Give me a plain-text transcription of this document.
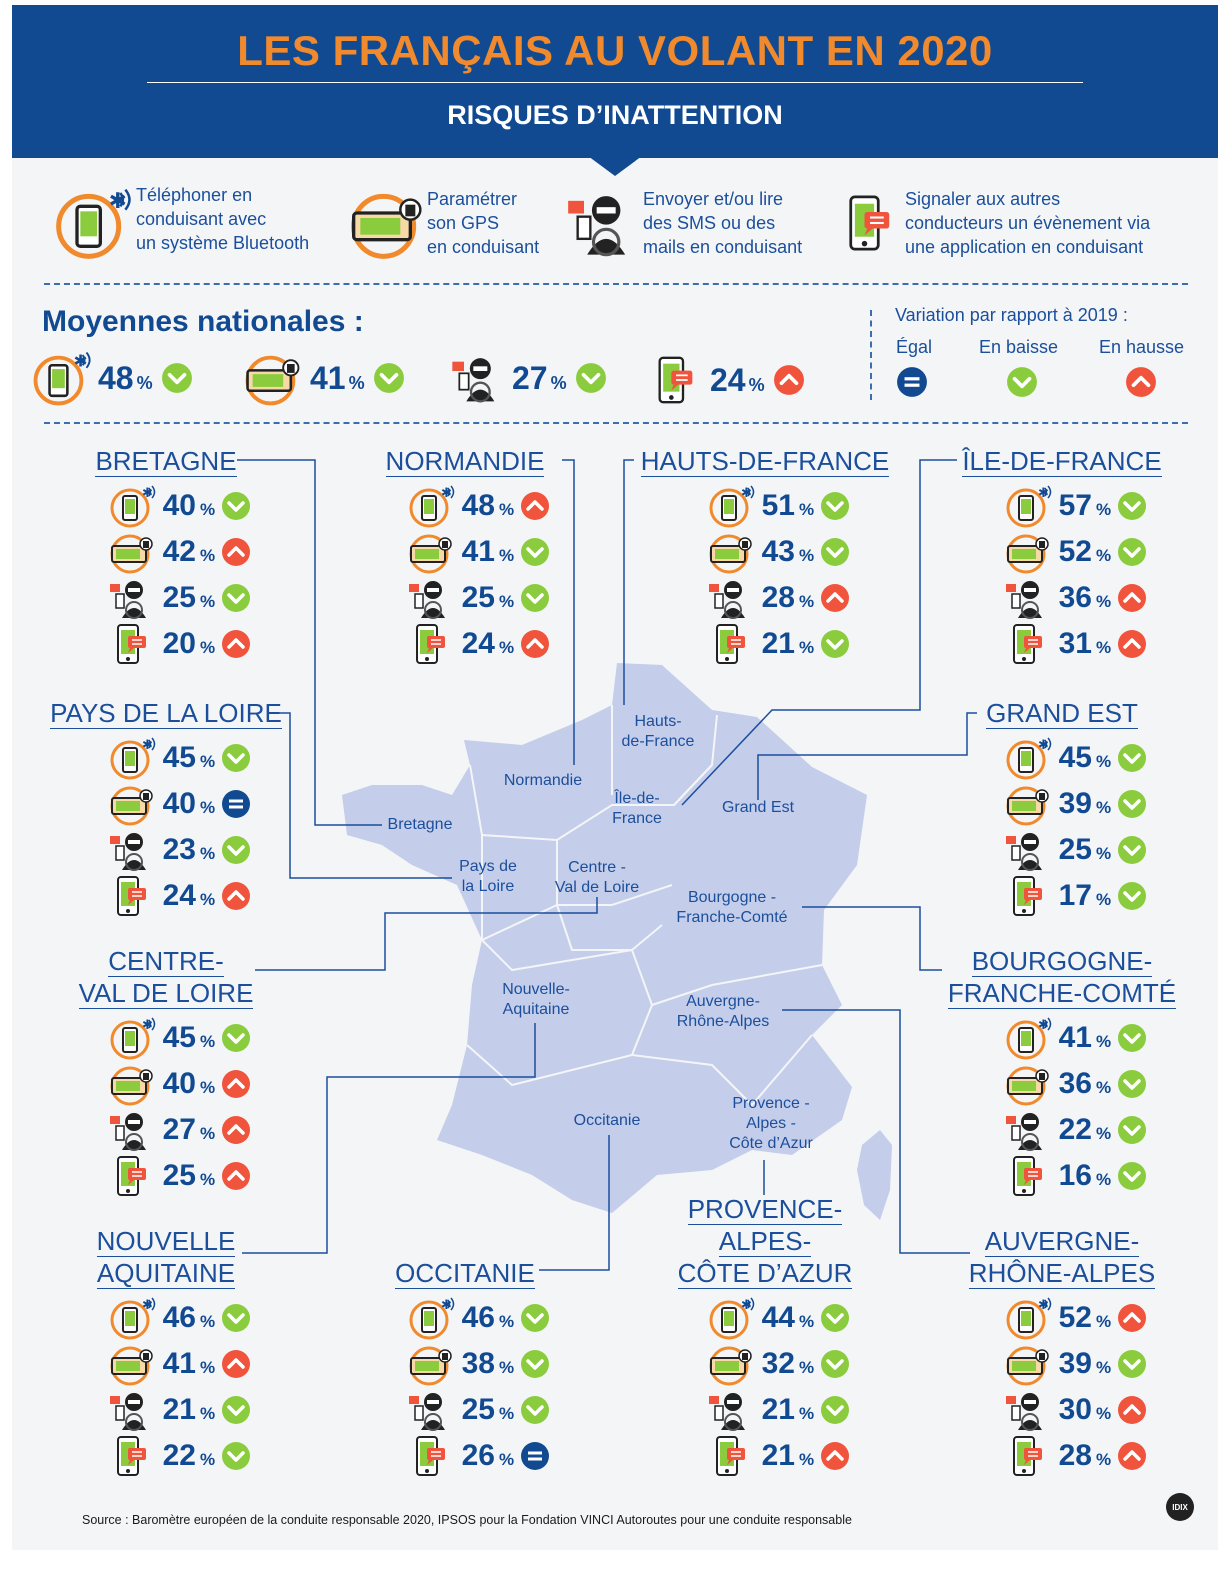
LES FRANÇAIS AU VOLANT EN 2020
RISQUES D’INATTENTION
Téléphoner en
conduisant avec
un système Bluetooth
Paramétrer
son GPS
en conduisant
Envoyer et/ou lire
des SMS ou des
mails en conduisant
Signaler aux autres
conducteurs un évènement via
une application en conduisant
Moyennes nationales :
48 %	41 %	27 %	24 %
Variation par rapport à 2019 :
Égal	En baisse En hausse
Hauts-
de-France
Normandie
Île-de-
France
Grand Est
Bretagne
Pays de
la Loire
Centre -
Val de Loire
Bourgogne -
Franche-Comté
Nouvelle-
Aquitaine	Auvergne-
Rhône-Alpes
Provence -
Alpes -
Côte d’Azur
Occitanie
BRETAGNE
40 %
42 %
25 %
20 %
NORMANDIE
48 %
41 %
25 %
24 %
HAUTS-DE-FRANCE
51 %
43 %
28 %
21 %
ÎLE-DE-FRANCE
57 %
52 %
36 %
31 %
PAYS DE LA LOIRE
45 %
40 %
23 %
24 %
GRAND EST
45 %
39 %
25 %
17 %
CENTRE-
VAL DE LOIRE
45 %
40 %
27 %
25 %
BOURGOGNE-
FRANCHE-COMTÉ
41 %
36 %
22 %
16 %
NOUVELLE
AQUITAINE
46 %
41 %
21 %
22 %
OCCITANIE
46 %
38 %
25 %
26 %
PROVENCE-
ALPES-
CÔTE D’AZUR
44 %
32 %
21 %
21 %
AUVERGNE-
RHÔNE-ALPES
52 %
39 %
30 %
28 %
Source : Baromètre européen de la conduite responsable 2020, IPSOS pour la Fondation VINCI Autoroutes pour une conduite responsable
IDIX
